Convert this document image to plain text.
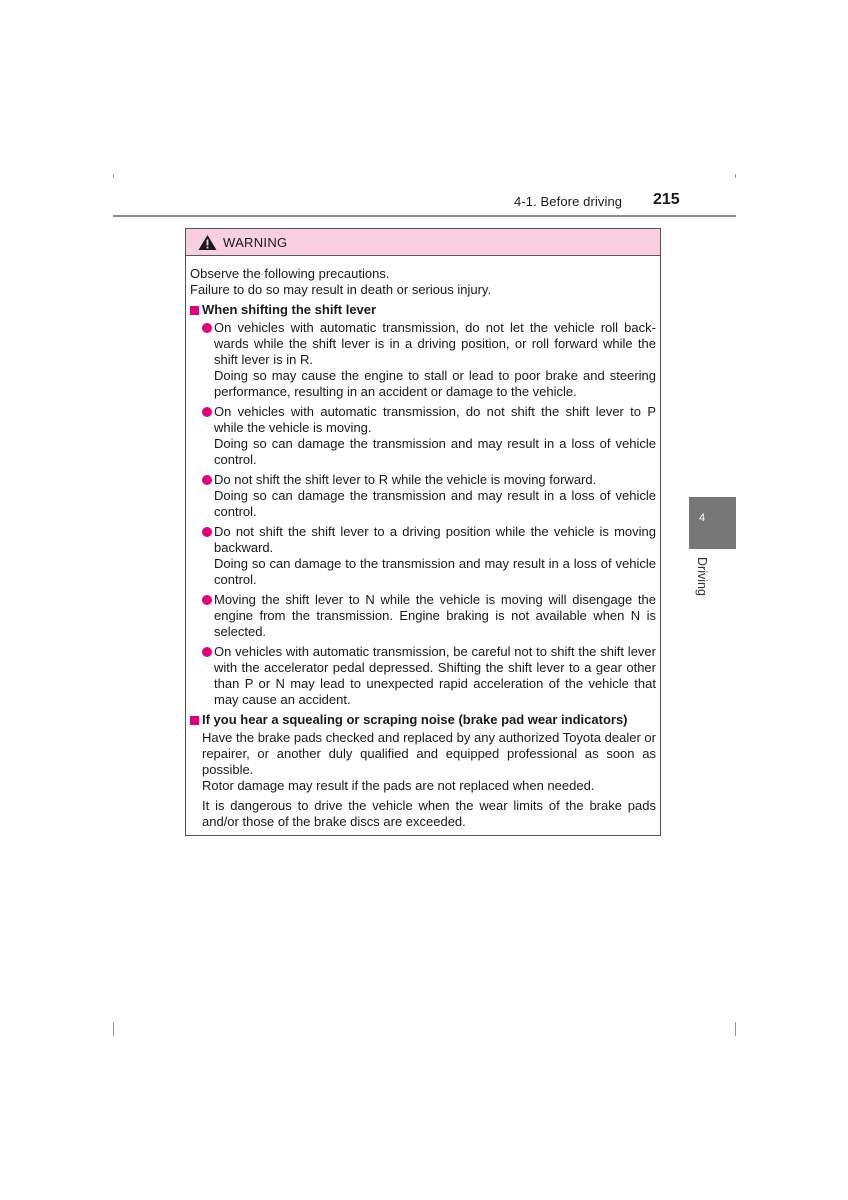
4-1. Before driving 215
4
Driving
WARNING

Observe the following precautions.

Failure to do so may result in death or serious injury.

When shifting the shift lever
On vehicles with automatic transmission, do not let the vehicle roll backwards while the shift lever is in a driving position, or roll forward while the shift lever is in R.
Doing so may cause the engine to stall or lead to poor brake and steering performance, resulting in an accident or damage to the vehicle.
On vehicles with automatic transmission, do not shift the shift lever to P while the vehicle is moving.
Doing so can damage the transmission and may result in a loss of vehicle control.
Do not shift the shift lever to R while the vehicle is moving forward.
Doing so can damage the transmission and may result in a loss of vehicle control.
Do not shift the shift lever to a driving position while the vehicle is moving backward.
Doing so can damage to the transmission and may result in a loss of vehicle control.
Moving the shift lever to N while the vehicle is moving will disengage the engine from the transmission. Engine braking is not available when N is selected.
On vehicles with automatic transmission, be careful not to shift the shift lever with the accelerator pedal depressed. Shifting the shift lever to a gear other than P or N may lead to unexpected rapid acceleration of the vehicle that may cause an accident.
If you hear a squealing or scraping noise (brake pad wear indicators)

Have the brake pads checked and replaced by any authorized Toyota dealer or repairer, or another duly qualified and equipped professional as soon as possible.

Rotor damage may result if the pads are not replaced when needed.

It is dangerous to drive the vehicle when the wear limits of the brake pads and/or those of the brake discs are exceeded.
